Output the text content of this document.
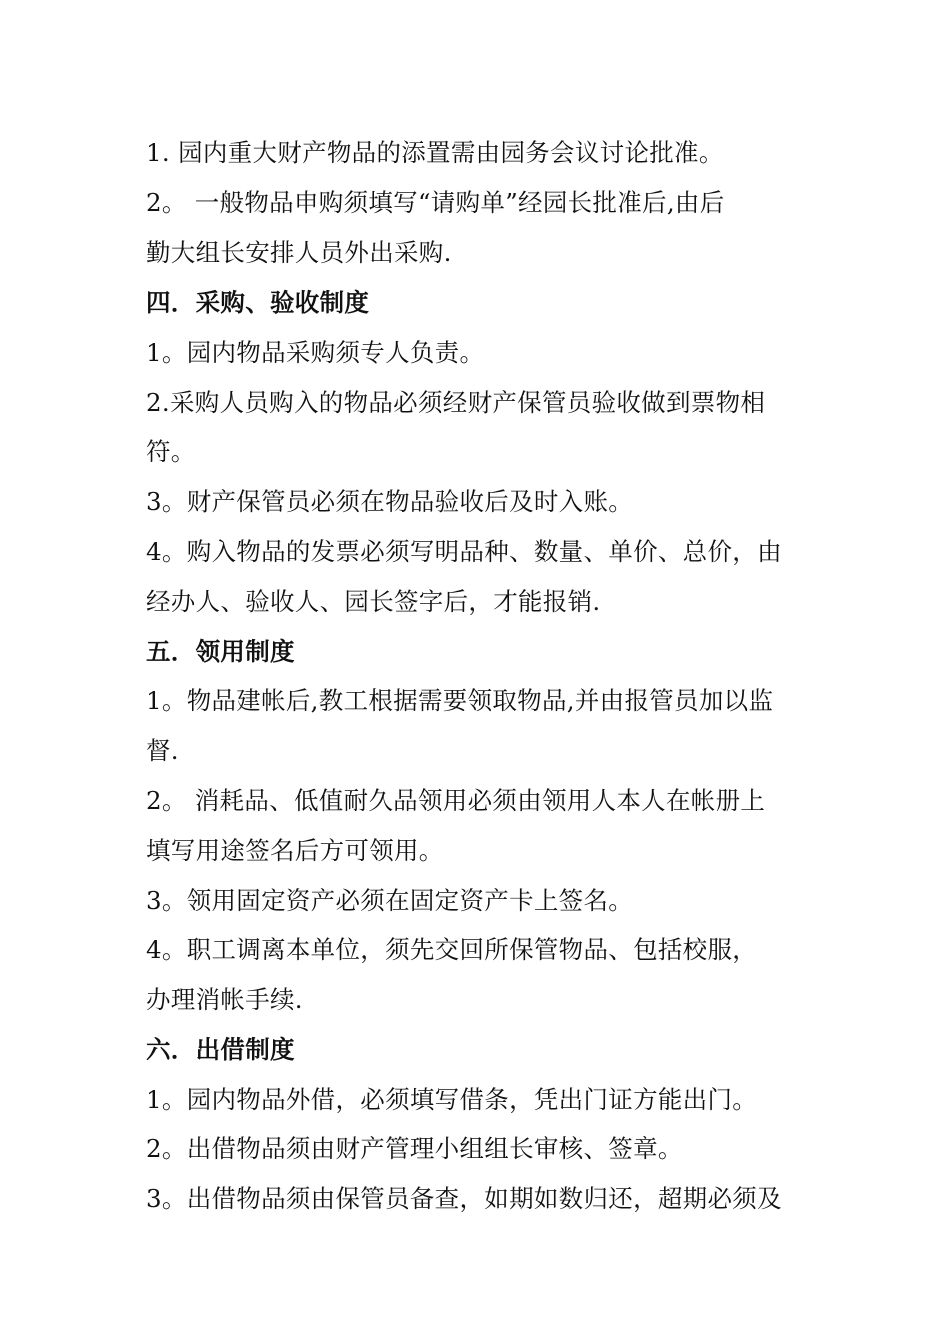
1. 园内重大财产物品的添置需由园务会议讨论批准。
2。 一般物品申购须填写“请购单”经园长批准后,由后
勤大组长安排人员外出采购.
四．采购、验收制度
1。园内物品采购须专人负责。
2.采购人员购入的物品必须经财产保管员验收做到票物相
符。
3。财产保管员必须在物品验收后及时入账。
4。购入物品的发票必须写明品种、数量、单价、总价，由
经办人、验收人、园长签字后，才能报销.
五．领用制度
1。物品建帐后,教工根据需要领取物品,并由报管员加以监
督.
2。 消耗品、低值耐久品领用必须由领用人本人在帐册上
填写用途签名后方可领用。
3。领用固定资产必须在固定资产卡上签名。
4。职工调离本单位，须先交回所保管物品、包括校服，
办理消帐手续.
六．出借制度
1。园内物品外借，必须填写借条，凭出门证方能出门。
2。出借物品须由财产管理小组组长审核、签章。
3。出借物品须由保管员备查，如期如数归还，超期必须及
